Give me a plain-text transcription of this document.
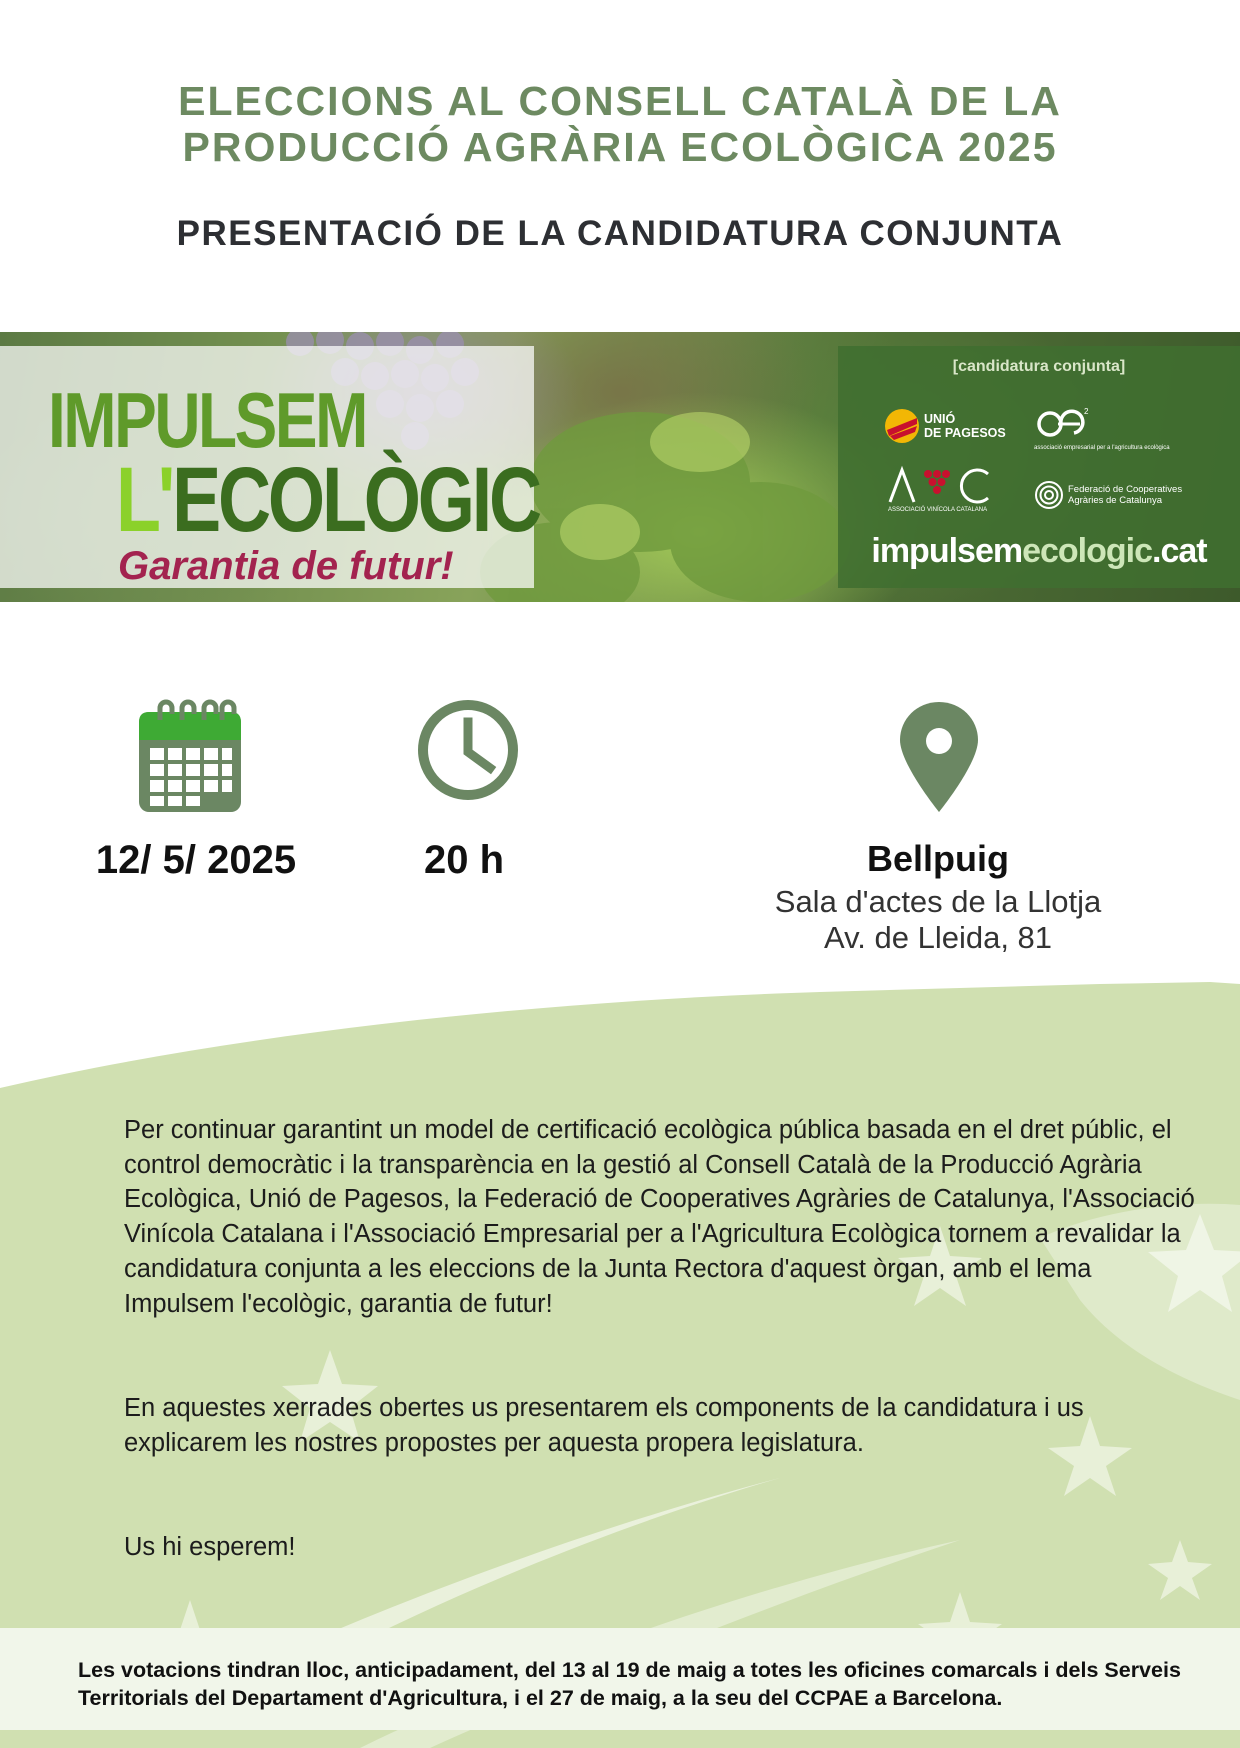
ELECCIONS AL CONSELL CATALÀ DE LA
PRODUCCIÓ AGRÀRIA ECOLÒGICA 2025
PRESENTACIÓ DE LA CANDIDATURA CONJUNTA
IMPULSEM
L'ECOLÒGIC
Garantia de futur!
[candidatura conjunta]
UNIÓ
DE PAGESOS
2
associació empresarial per a l'agricultura ecològica
ASSOCIACIÓ VINÍCOLA CATALANA
Federació de Cooperatives
Agràries de Catalunya
impulsemecologic.cat
12/ 5/ 2025	20 h	Bellpuig
Sala d'actes de la Llotja
Av. de Lleida, 81

Per continuar garantint un model de certificació ecològica pública basada en el dret públic, el control democràtic i la transparència en la gestió al Consell Català de la Producció Agrària Ecològica, Unió de Pagesos, la Federació de Cooperatives Agràries de Catalunya, l'Associació Vinícola Catalana i l'Associació Empresarial per a l'Agricultura Ecològica tornem a revalidar la candidatura conjunta a les eleccions de la Junta Rectora d'aquest òrgan, amb el lema Impulsem l'ecològic, garantia de futur!

En aquestes xerrades obertes us presentarem els components de la candidatura i us explicarem les nostres propostes per aquesta propera legislatura.

Us hi esperem!

Les votacions tindran lloc, anticipadament, del 13 al 19 de maig a totes les oficines comarcals i dels Serveis Territorials del Departament d'Agricultura, i el 27 de maig, a la seu del CCPAE a Barcelona.
